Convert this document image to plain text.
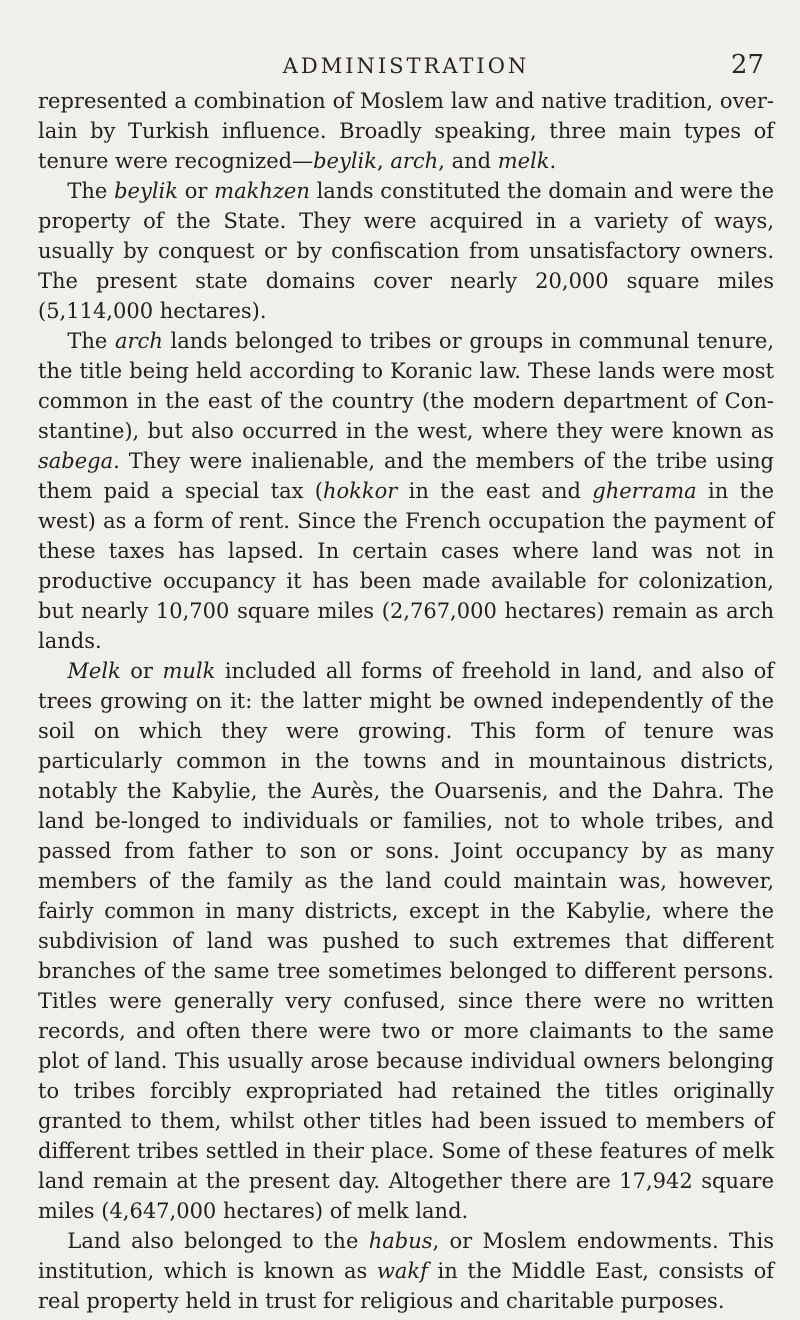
ADMINISTRATION	27

represented a combination of Moslem law and native tradition, over-lain by Turkish influence. Broadly speaking, three main types of tenure were recognized—beylik, arch, and melk.

The beylik or makhzen lands constituted the domain and were the property of the State. They were acquired in a variety of ways, usually by conquest or by confiscation from unsatisfactory owners. The present state domains cover nearly 20,000 square miles (5,114,000 hectares).

The arch lands belonged to tribes or groups in communal tenure, the title being held according to Koranic law. These lands were most common in the east of the country (the modern department of Con-stantine), but also occurred in the west, where they were known as sabega. They were inalienable, and the members of the tribe using them paid a special tax (hokkor in the east and gherrama in the west) as a form of rent. Since the French occupation the payment of these taxes has lapsed. In certain cases where land was not in productive occupancy it has been made available for colonization, but nearly 10,700 square miles (2,767,000 hectares) remain as arch lands.

Melk or mulk included all forms of freehold in land, and also of trees growing on it: the latter might be owned independently of the soil on which they were growing. This form of tenure was particularly common in the towns and in mountainous districts, notably the Kabylie, the Aurès, the Ouarsenis, and the Dahra. The land be-longed to individuals or families, not to whole tribes, and passed from father to son or sons. Joint occupancy by as many members of the family as the land could maintain was, however, fairly common in many districts, except in the Kabylie, where the subdivision of land was pushed to such extremes that different branches of the same tree sometimes belonged to different persons. Titles were generally very confused, since there were no written records, and often there were two or more claimants to the same plot of land. This usually arose because individual owners belonging to tribes forcibly expropriated had retained the titles originally granted to them, whilst other titles had been issued to members of different tribes settled in their place. Some of these features of melk land remain at the present day. Altogether there are 17,942 square miles (4,647,000 hectares) of melk land.

Land also belonged to the habus, or Moslem endowments. This institution, which is known as wakf in the Middle East, consists of real property held in trust for religious and charitable purposes.
